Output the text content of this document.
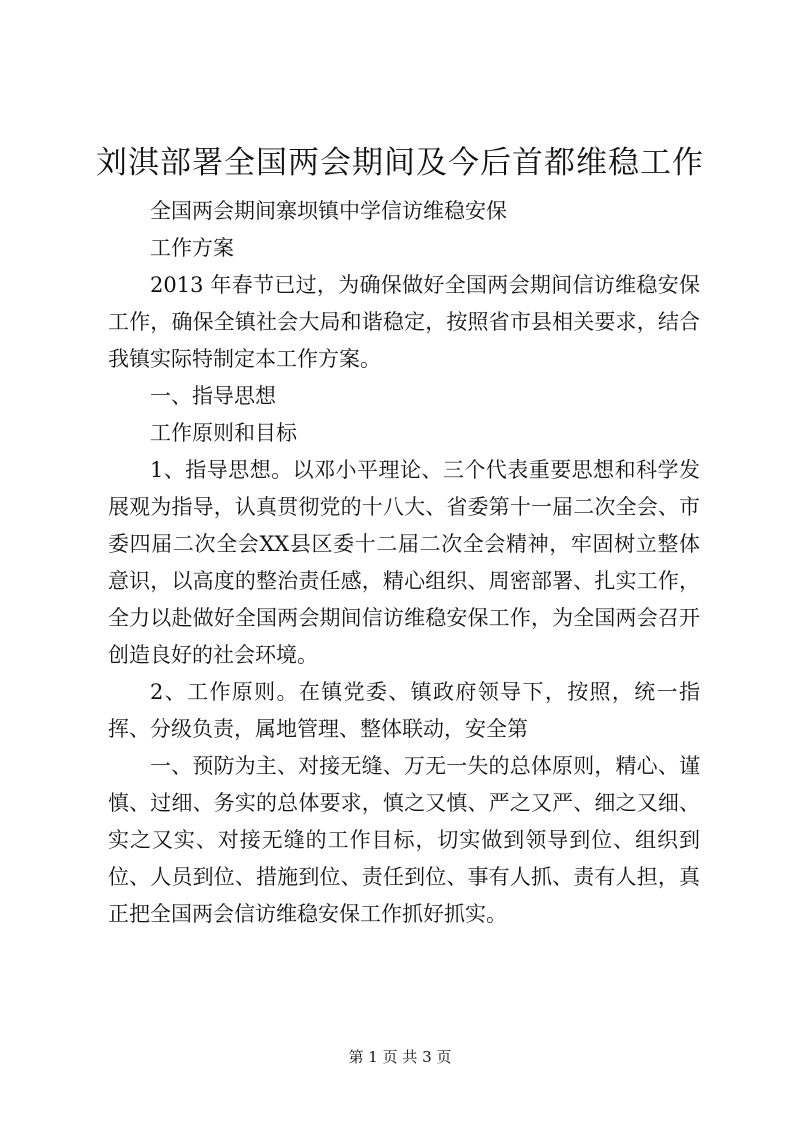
刘淇部署全国两会期间及今后首都维稳工作

全国两会期间寨坝镇中学信访维稳安保

工作方案

2013 年春节已过，为确保做好全国两会期间信访维稳安保工作，确保全镇社会大局和谐稳定，按照省市县相关要求，结合我镇实际特制定本工作方案。

一、指导思想

工作原则和目标

1、指导思想。以邓小平理论、三个代表重要思想和科学发展观为指导，认真贯彻党的十八大、省委第十一届二次全会、市委四届二次全会XX县区委十二届二次全会精神，牢固树立整体意识，以高度的整治责任感，精心组织、周密部署、扎实工作，全力以赴做好全国两会期间信访维稳安保工作，为全国两会召开创造良好的社会环境。

2、工作原则。在镇党委、镇政府领导下，按照，统一指挥、分级负责，属地管理、整体联动，安全第

一、预防为主、对接无缝、万无一失的总体原则，精心、谨慎、过细、务实的总体要求，慎之又慎、严之又严、细之又细、实之又实、对接无缝的工作目标，切实做到领导到位、组织到位、人员到位、措施到位、责任到位、事有人抓、责有人担，真正把全国两会信访维稳安保工作抓好抓实。

第 1 页 共 3 页
